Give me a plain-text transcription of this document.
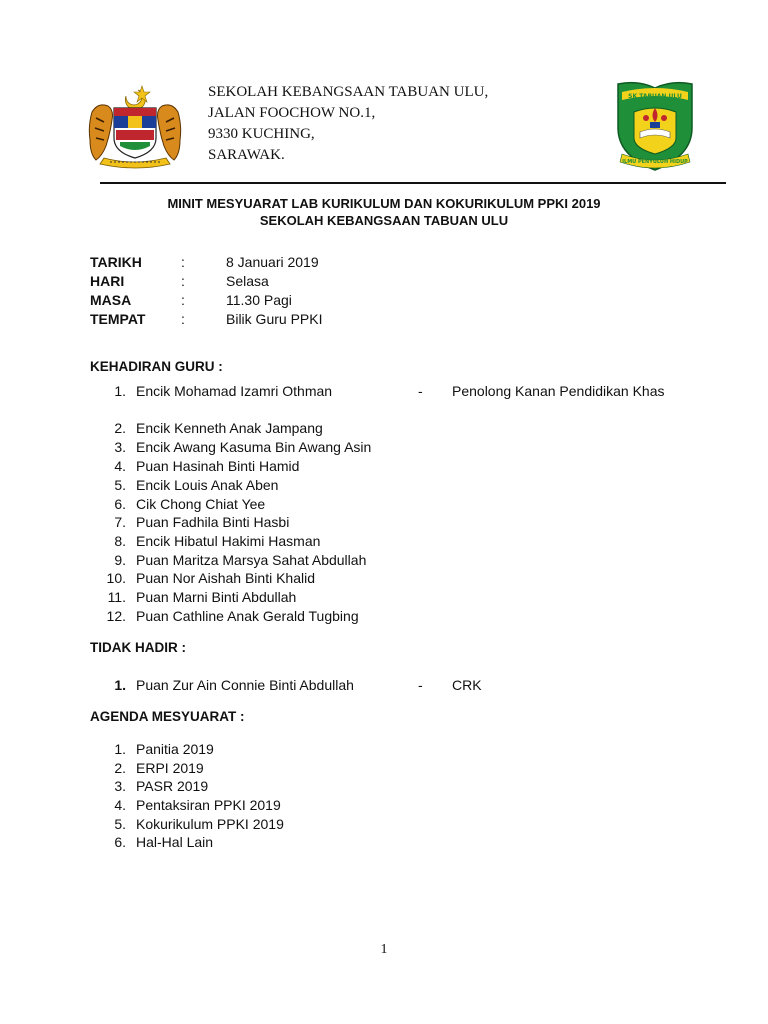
SEKOLAH KEBANGSAAN TABUAN ULU,
JALAN FOOCHOW NO.1,
9330 KUCHING,
SARAWAK.
SK TABUAN ULU
ILMU PENYULUH HIDUP
MINIT MESYUARAT LAB KURIKULUM DAN KOKURIKULUM PPKI 2019
SEKOLAH KEBANGSAAN TABUAN ULU
TARIKH	:	8 Januari 2019
HARI	:	Selasa
MASA	:	11.30 Pagi
TEMPAT	:	Bilik Guru PPKI
KEHADIRAN GURU :
1. Encik Mohamad Izamri Othman	- Penolong Kanan Pendidikan Khas
2. Encik Kenneth Anak Jampang
3. Encik Awang Kasuma Bin Awang Asin
4. Puan Hasinah Binti Hamid
5. Encik Louis Anak Aben
6. Cik Chong Chiat Yee
7. Puan Fadhila Binti Hasbi
8. Encik Hibatul Hakimi Hasman
9. Puan Maritza Marsya Sahat Abdullah
10. Puan Nor Aishah Binti Khalid
11. Puan Marni Binti Abdullah
12. Puan Cathline Anak Gerald Tugbing
TIDAK HADIR :
1. Puan Zur Ain Connie Binti Abdullah	- CRK
AGENDA MESYUARAT :
1. Panitia 2019
2. ERPI 2019
3. PASR 2019
4. Pentaksiran PPKI 2019
5. Kokurikulum PPKI 2019
6. Hal-Hal Lain
1
